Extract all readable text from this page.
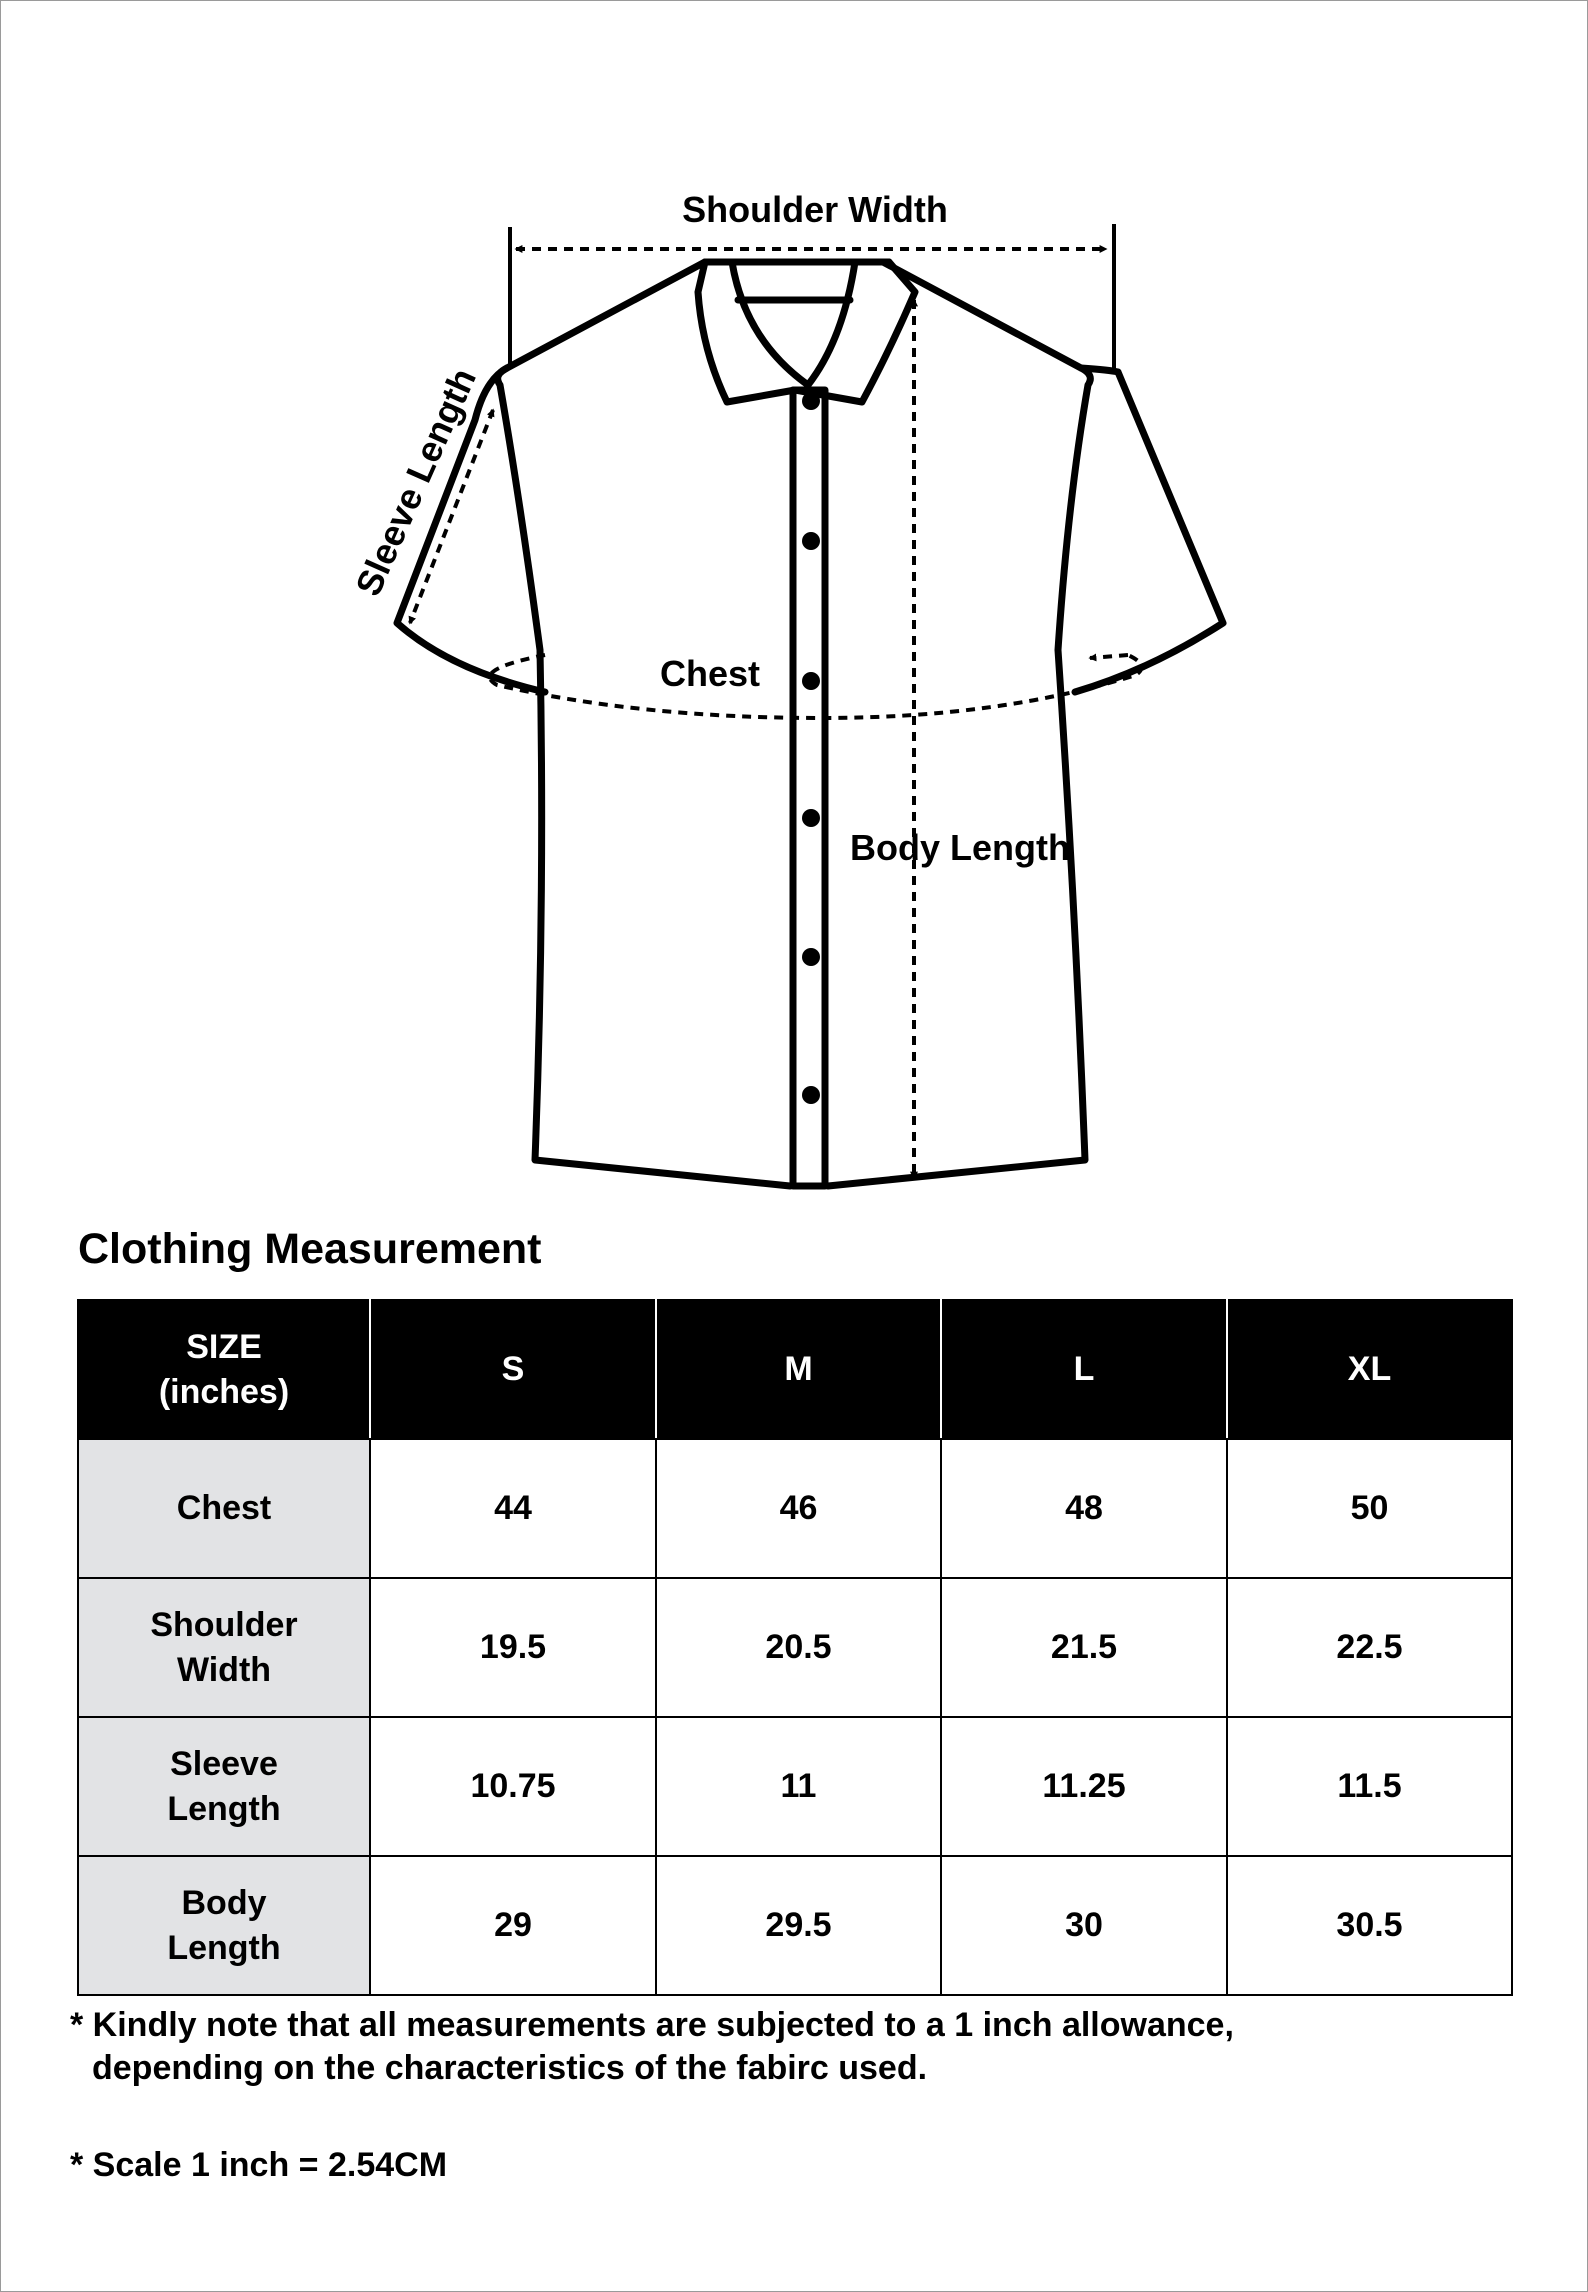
Shoulder Width
Sleeve Length
Chest
Body Length
Clothing Measurement
SIZE
(inches)	S	M	L	XL
Chest	44	46	48	50
Shoulder
Width	19.5	20.5	21.5	22.5
Sleeve
Length	10.75	11	11.25	11.5
Body
Length	29	29.5	30	30.5
* Kindly note that all measurements are subjected to a 1 inch allowance,
depending on the characteristics of the fabirc used.
* Scale 1 inch = 2.54CM
